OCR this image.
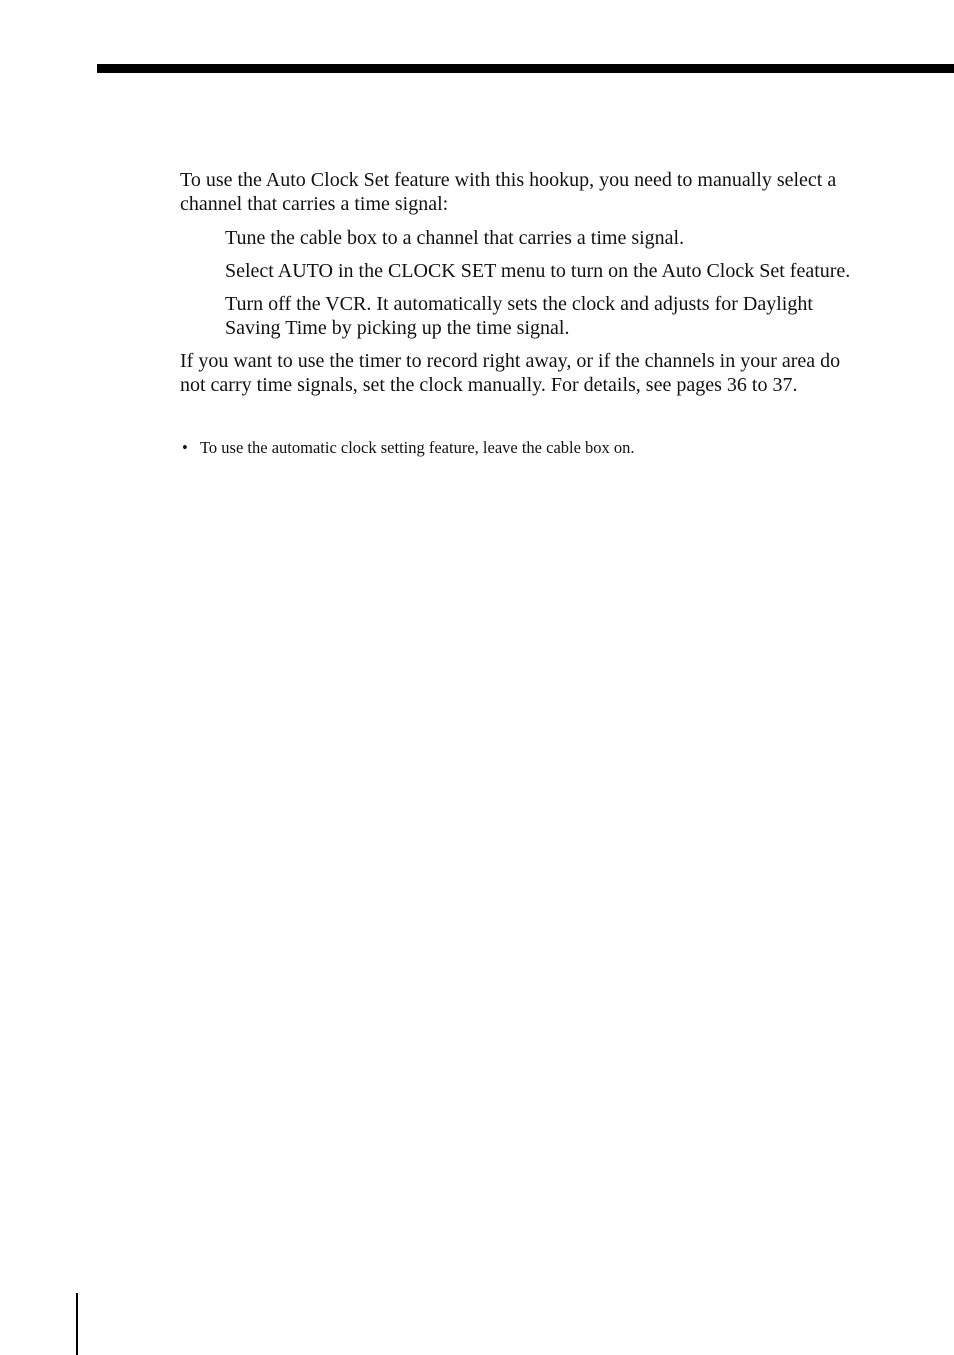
To use the Auto Clock Set feature with this hookup, you need to manually select a channel that carries a time signal:

Tune the cable box to a channel that carries a time signal.
Select AUTO in the CLOCK SET menu to turn on the Auto Clock Set feature.
Turn off the VCR. It automatically sets the clock and adjusts for Daylight Saving Time by picking up the time signal.

If you want to use the timer to record right away, or if the channels in your area do not carry time signals, set the clock manually. For details, see pages 36 to 37.

• To use the automatic clock setting feature, leave the cable box on.
